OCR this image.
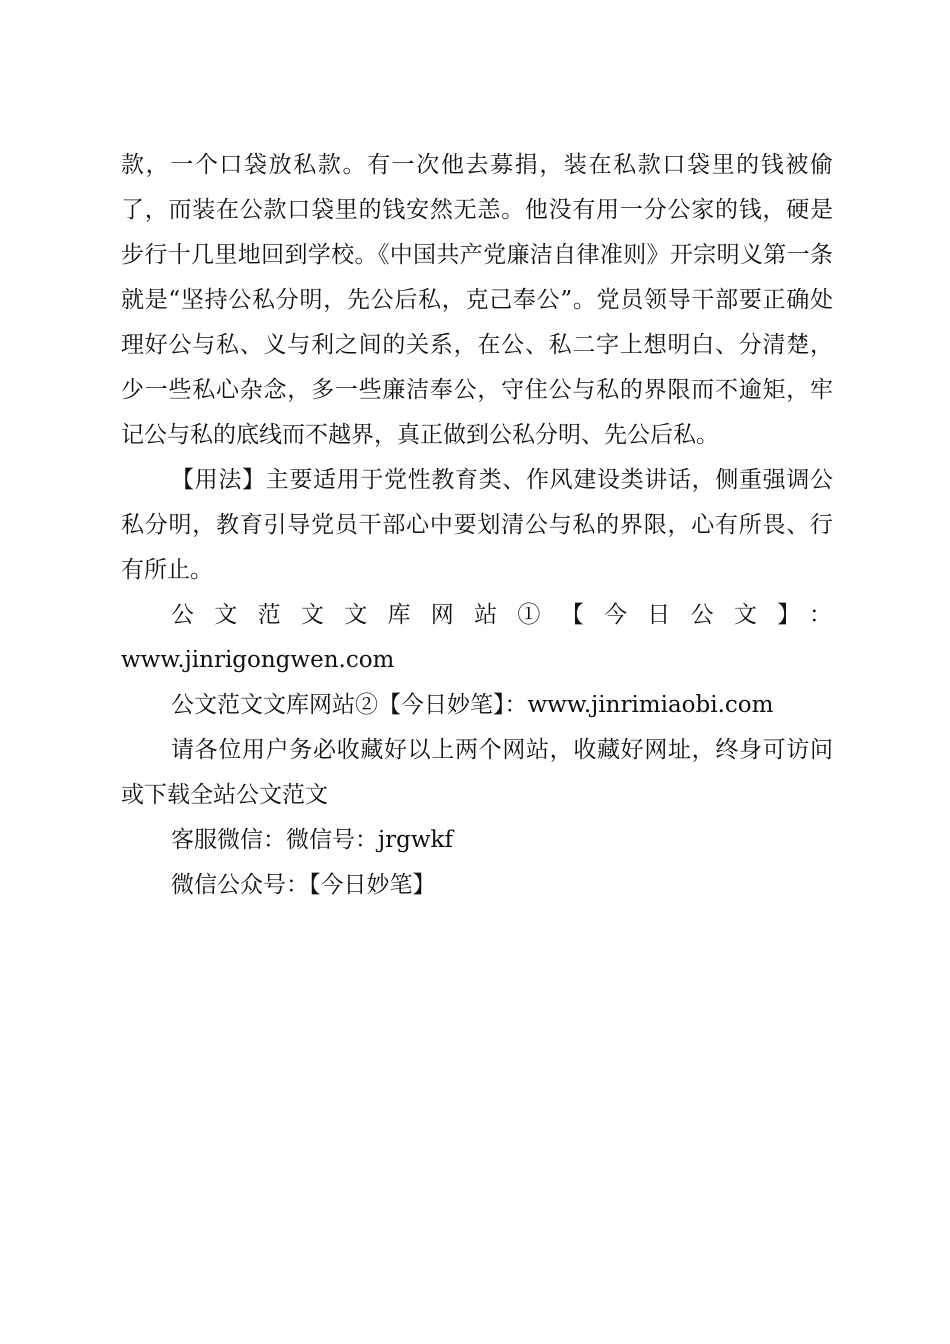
款，一个口袋放私款。有一次他去募捐，装在私款口袋里的钱被偷了，而装在公款口袋里的钱安然无恙。他没有用一分公家的钱，硬是步行十几里地回到学校。《中国共产党廉洁自律准则》开宗明义第一条就是“坚持公私分明，先公后私，克己奉公”。党员领导干部要正确处理好公与私、义与利之间的关系，在公、私二字上想明白、分清楚，少一些私心杂念，多一些廉洁奉公，守住公与私的界限而不逾矩，牢记公与私的底线而不越界，真正做到公私分明、先公后私。

【用法】主要适用于党性教育类、作风建设类讲话，侧重强调公私分明，教育引导党员干部心中要划清公与私的界限，心有所畏、行有所止。

公文范文文库网站①【今日公文】：

www.jinrigongwen.com

公文范文文库网站②【今日妙笔】：www.jinrimiaobi.com

请各位用户务必收藏好以上两个网站，收藏好网址，终身可访问或下载全站公文范文

客服微信：微信号：jrgwkf

微信公众号：【今日妙笔】
